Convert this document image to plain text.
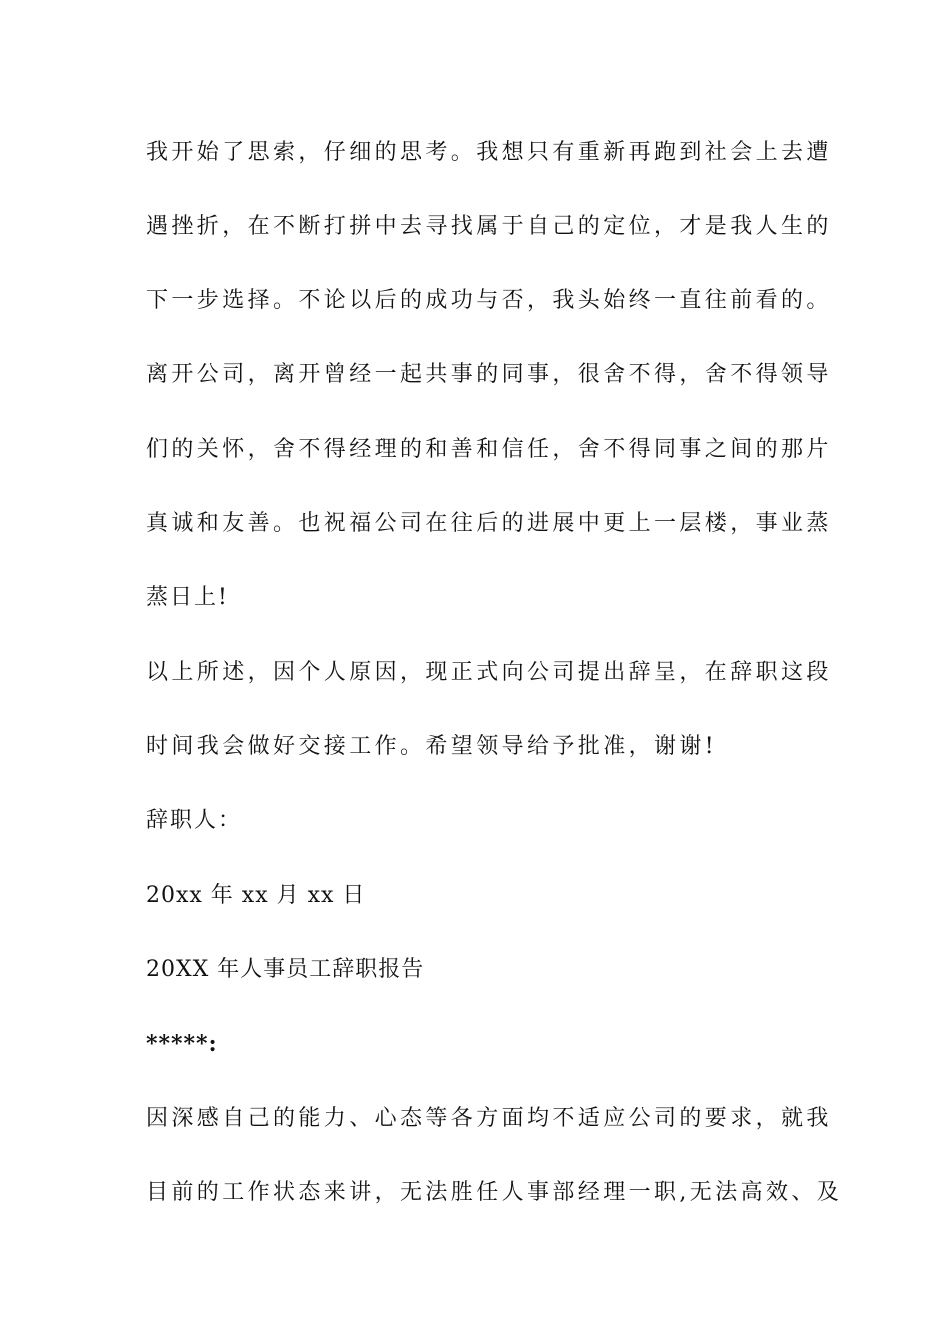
我开始了思索，仔细的思考。我想只有重新再跑到社会上去遭
遇挫折，在不断打拼中去寻找属于自己的定位，才是我人生的
下一步选择。不论以后的成功与否，我头始终一直往前看的。
离开公司，离开曾经一起共事的同事，很舍不得，舍不得领导
们的关怀，舍不得经理的和善和信任，舍不得同事之间的那片
真诚和友善。也祝福公司在往后的进展中更上一层楼，事业蒸
蒸日上!
以上所述，因个人原因，现正式向公司提出辞呈，在辞职这段
时间我会做好交接工作。希望领导给予批准，谢谢!
辞职人：
20xx 年 xx 月 xx 日
20XX 年人事员工辞职报告
*****:
因深感自己的能力、心态等各方面均不适应公司的要求，就我
目前的工作状态来讲，无法胜任人事部经理一职,无法高效、及
